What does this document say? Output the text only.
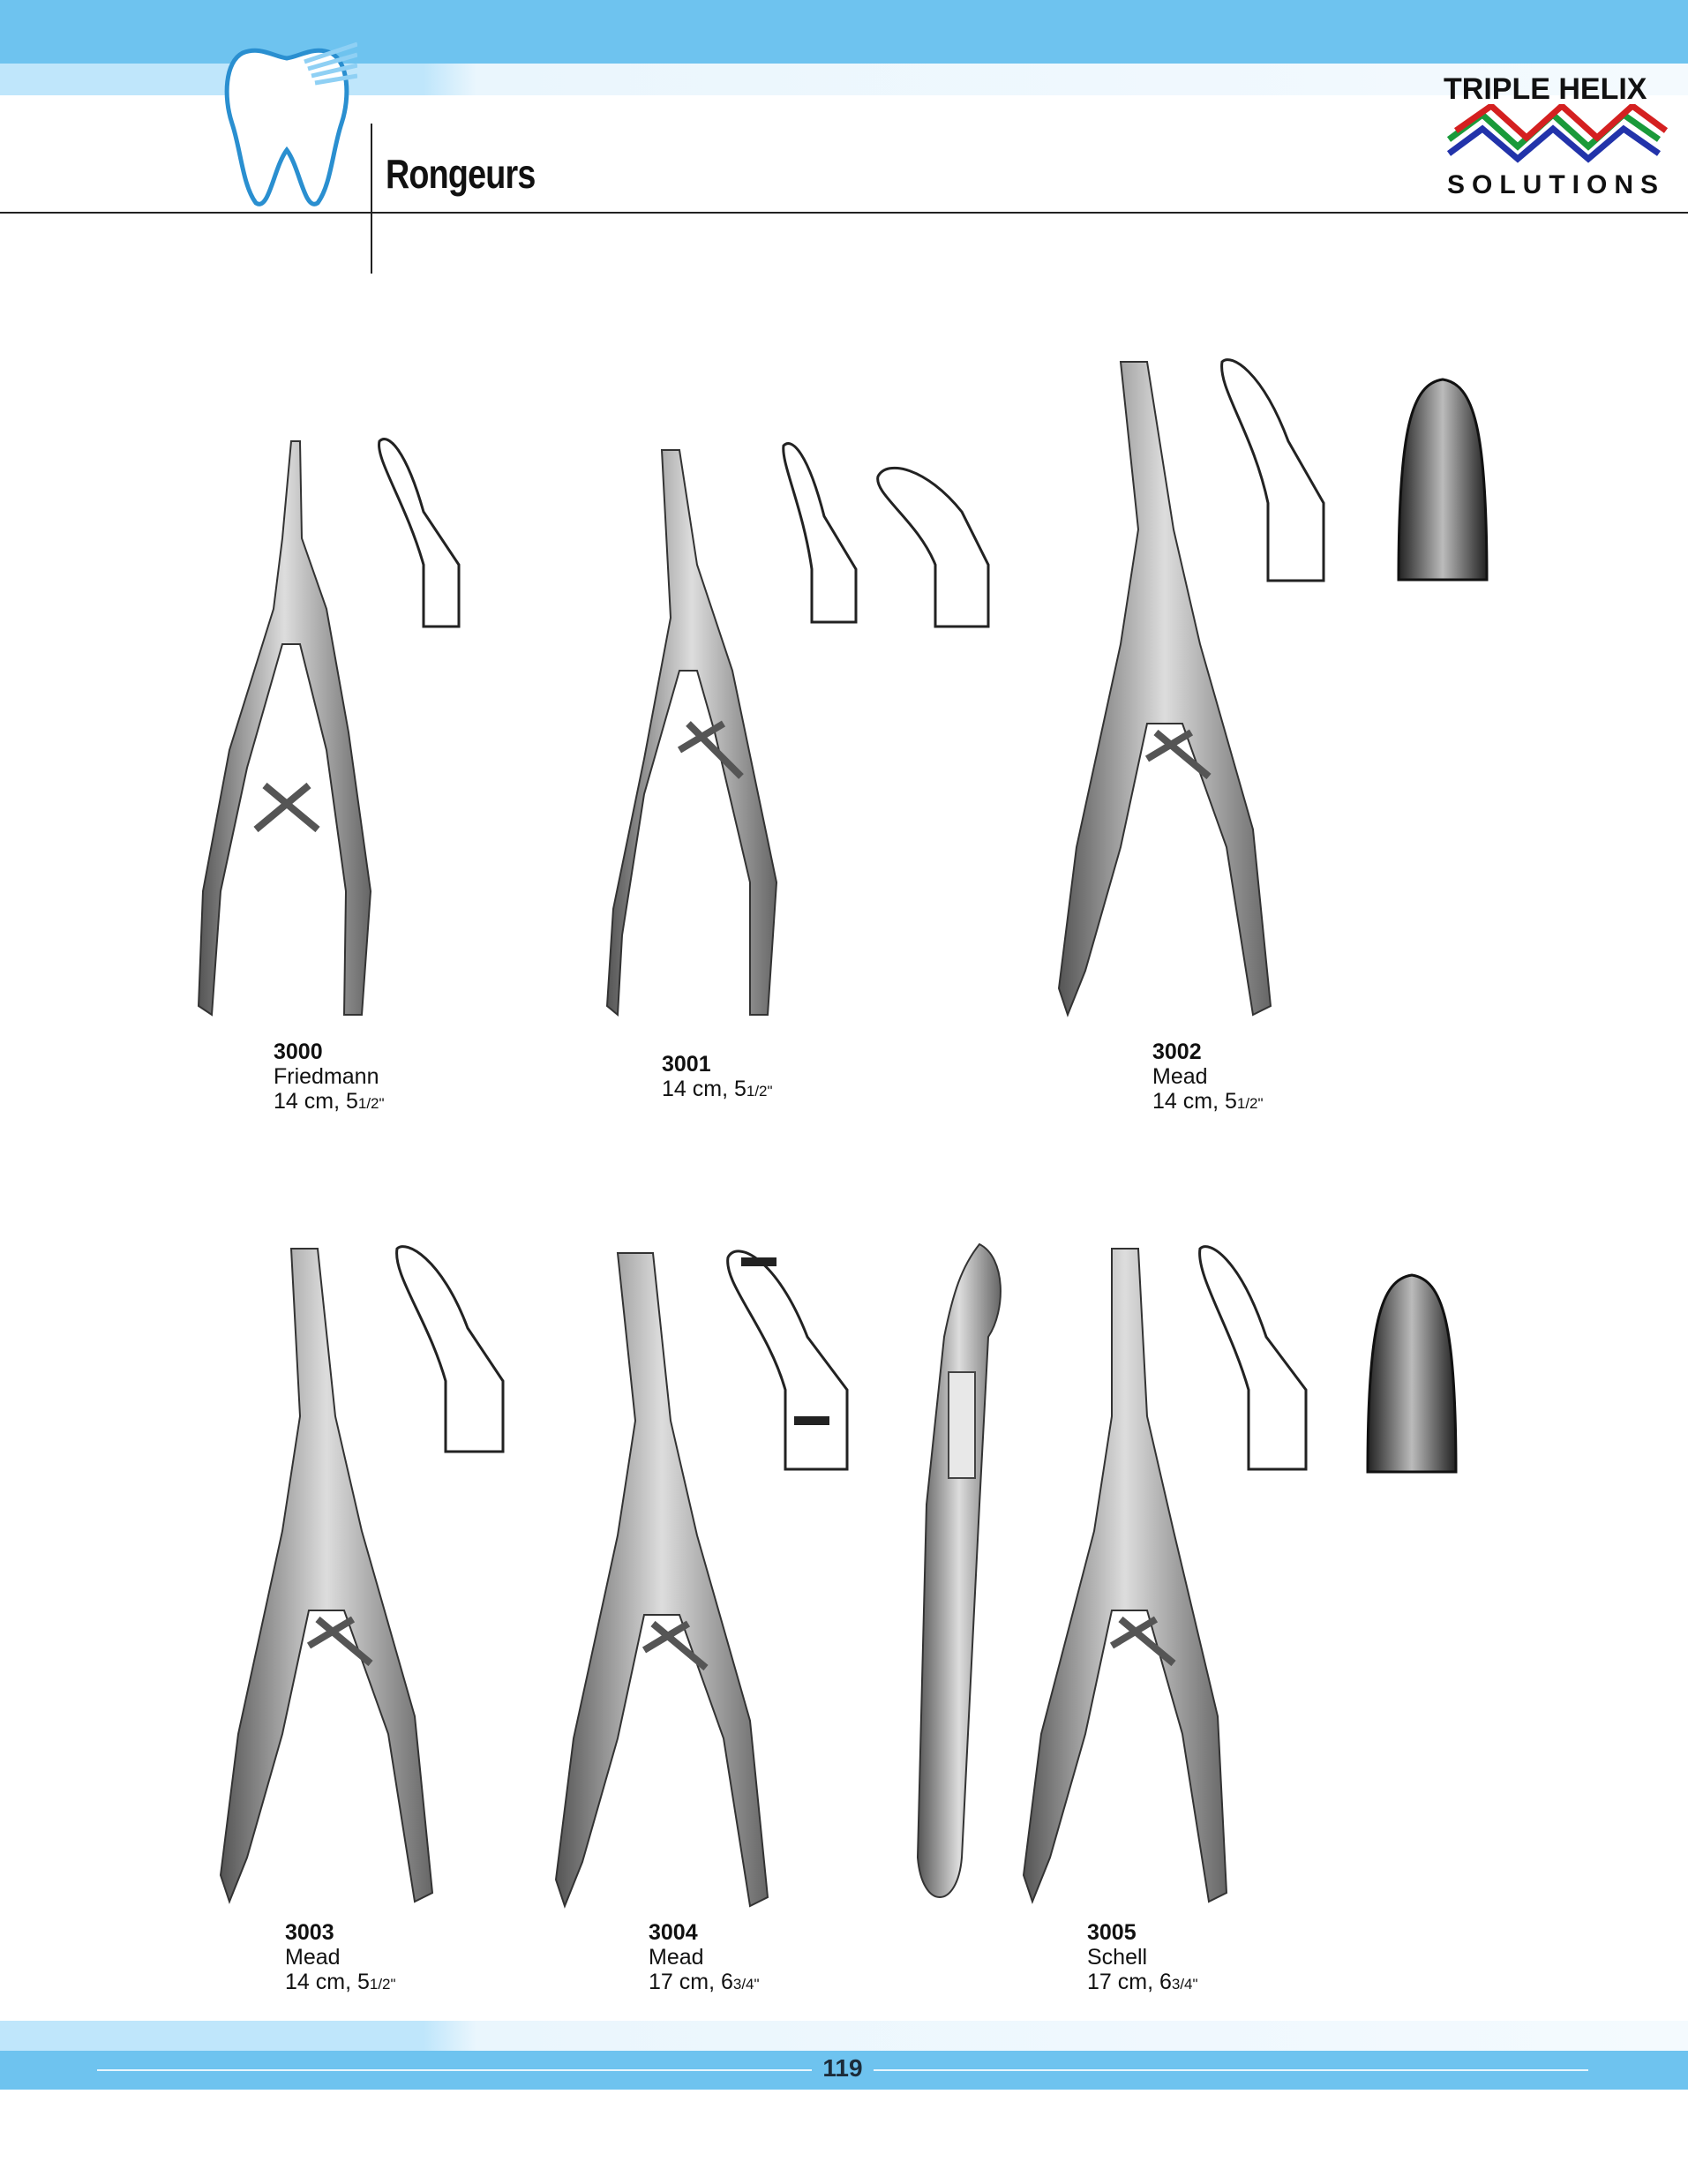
Rongeurs
TRIPLE HELIX
SOLUTIONS
3000
Friedmann
14 cm, 51/2"
3001
14 cm, 51/2"
3002
Mead
14 cm, 51/2"
3003
Mead
14 cm, 51/2"
3004
Mead
17 cm, 63/4"
3005
Schell
17 cm, 63/4"
119
